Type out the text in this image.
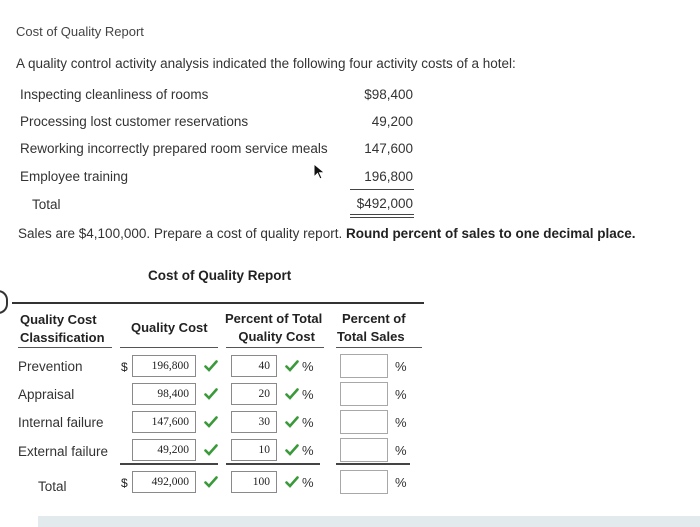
Cost of Quality Report
A quality control activity analysis indicated the following four activity costs of a hotel:
Inspecting cleanliness of rooms	$98,400
Processing lost customer reservations	49,200
Reworking incorrectly prepared room service meals	147,600
Employee training	196,800
Total	$492,000
Sales are $4,100,000. Prepare a cost of quality report. Round percent of sales to one decimal place.
Cost of Quality Report
Quality Cost
Classification
Quality Cost
Percent of Total
Quality Cost
Percent of
Total Sales
Prevention	$	196,800	40	%	%
Appraisal	98,400	20	%	%
Internal failure	147,600	30	%	%
External failure	49,200	10	%	%
Total	$	492,000	100	%	%
